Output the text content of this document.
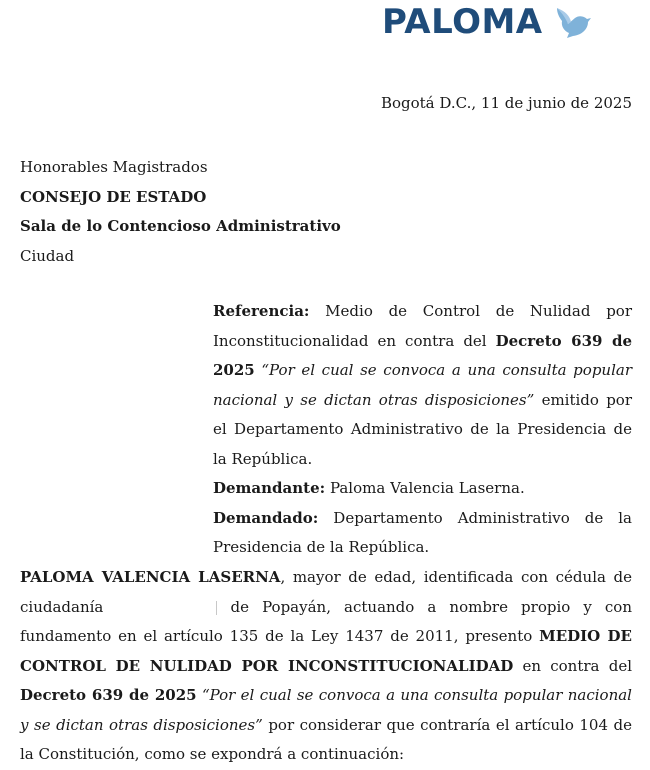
PALOMA
Bogotá D.C., 11 de junio de 2025
Honorables Magistrados
CONSEJO DE ESTADO
Sala de lo Contencioso Administrativo
Ciudad

Referencia: Medio de Control de Nulidad por Inconstitucionalidad en contra del Decreto 639 de 2025 “Por el cual se convoca a una consulta popular nacional y se dictan otras disposiciones” emitido por el Departamento Administrativo de la Presidencia de la República.

Demandante: Paloma Valencia Laserna.

Demandado: Departamento Administrativo de la Presidencia de la República.

PALOMA VALENCIA LASERNA, mayor de edad, identificada con cédula de ciudadanía	de Popayán, actuando a nombre propio y con fundamento en el artículo 135 de la Ley 1437 de 2011, presento MEDIO DE CONTROL DE NULIDAD POR INCONSTITUCIONALIDAD en contra del Decreto 639 de 2025 “Por el cual se convoca a una consulta popular nacional y se dictan otras disposiciones” por considerar que contraría el artículo 104 de la Constitución, como se expondrá a continuación:
